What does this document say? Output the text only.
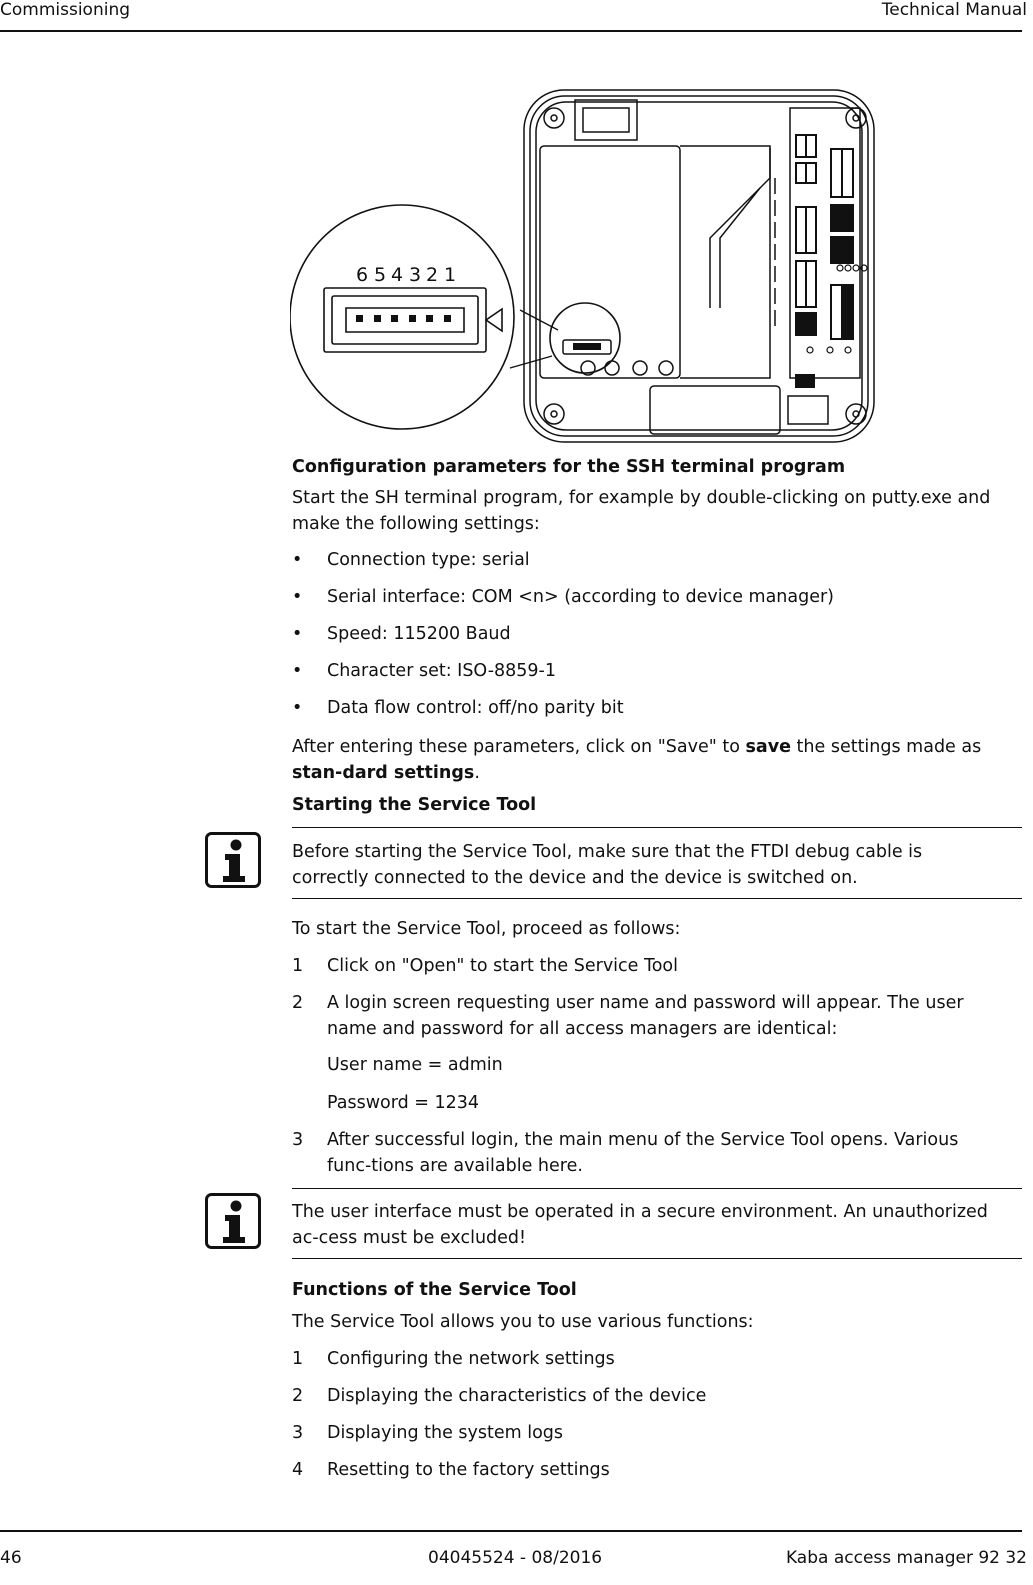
Commissioning	Technical Manual
6 5 4 3 2 1
Configuration parameters for the SSH terminal program
Start the SH terminal program, for example by double-clicking on putty.exe and make the following settings:
•	Connection type: serial
•	Serial interface: COM <n> (according to device manager)
•	Speed: 115200 Baud
•	Character set: ISO-8859-1
•	Data flow control: off/no parity bit
After entering these parameters, click on "Save" to save the settings made as stan-dard settings.
Starting the Service Tool
Before starting the Service Tool, make sure that the FTDI debug cable is correctly connected to the device and the device is switched on.
To start the Service Tool, proceed as follows:
1	Click on "Open" to start the Service Tool
2	A login screen requesting user name and password will appear. The user name and password for all access managers are identical:
User name = admin
Password = 1234
3	After successful login, the main menu of the Service Tool opens. Various func-tions are available here.
The user interface must be operated in a secure environment. An unauthorized ac-cess must be excluded!
Functions of the Service Tool
The Service Tool allows you to use various functions:
1	Configuring the network settings
2	Displaying the characteristics of the device
3	Displaying the system logs
4	Resetting to the factory settings
46	04045524 - 08/2016	Kaba access manager 92 32
